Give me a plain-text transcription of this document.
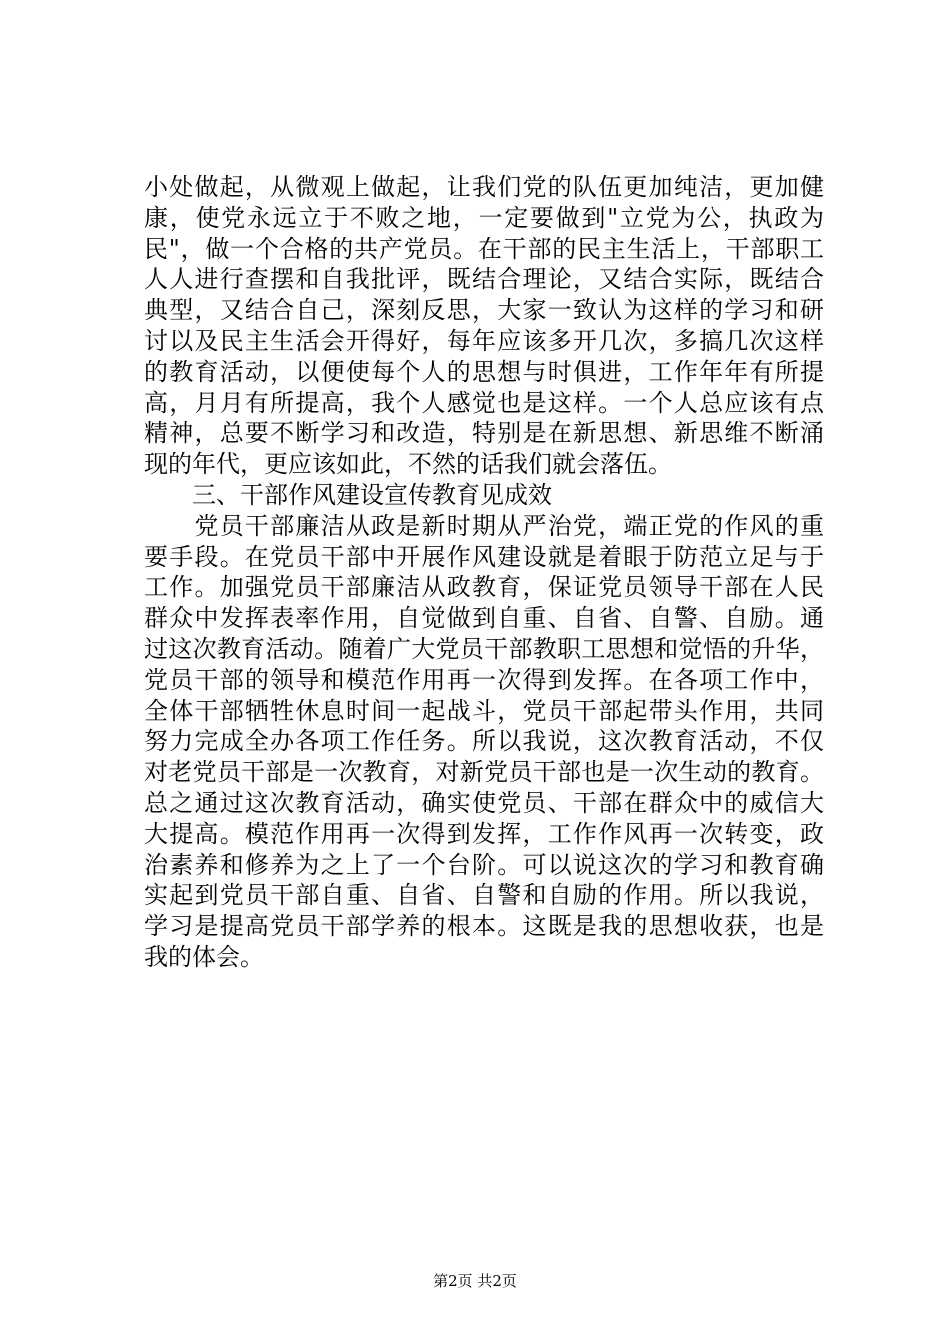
小处做起，从微观上做起，让我们党的队伍更加纯洁，更加健
康，使党永远立于不败之地，一定要做到"立党为公，执政为
民"，做一个合格的共产党员。在干部的民主生活上，干部职工
人人进行查摆和自我批评，既结合理论，又结合实际，既结合
典型，又结合自己，深刻反思，大家一致认为这样的学习和研
讨以及民主生活会开得好，每年应该多开几次，多搞几次这样
的教育活动，以便使每个人的思想与时俱进，工作年年有所提
高，月月有所提高，我个人感觉也是这样。一个人总应该有点
精神，总要不断学习和改造，特别是在新思想、新思维不断涌
现的年代，更应该如此，不然的话我们就会落伍。
　　三、干部作风建设宣传教育见成效
　　党员干部廉洁从政是新时期从严治党，端正党的作风的重
要手段。在党员干部中开展作风建设就是着眼于防范立足与于
工作。加强党员干部廉洁从政教育，保证党员领导干部在人民
群众中发挥表率作用，自觉做到自重、自省、自警、自励。通
过这次教育活动。随着广大党员干部教职工思想和觉悟的升华，
党员干部的领导和模范作用再一次得到发挥。在各项工作中，
全体干部牺牲休息时间一起战斗，党员干部起带头作用，共同
努力完成全办各项工作任务。所以我说，这次教育活动，不仅
对老党员干部是一次教育，对新党员干部也是一次生动的教育。
总之通过这次教育活动，确实使党员、干部在群众中的威信大
大提高。模范作用再一次得到发挥，工作作风再一次转变，政
治素养和修养为之上了一个台阶。可以说这次的学习和教育确
实起到党员干部自重、自省、自警和自励的作用。所以我说，
学习是提高党员干部学养的根本。这既是我的思想收获，也是
我的体会。
第2页 共2页
